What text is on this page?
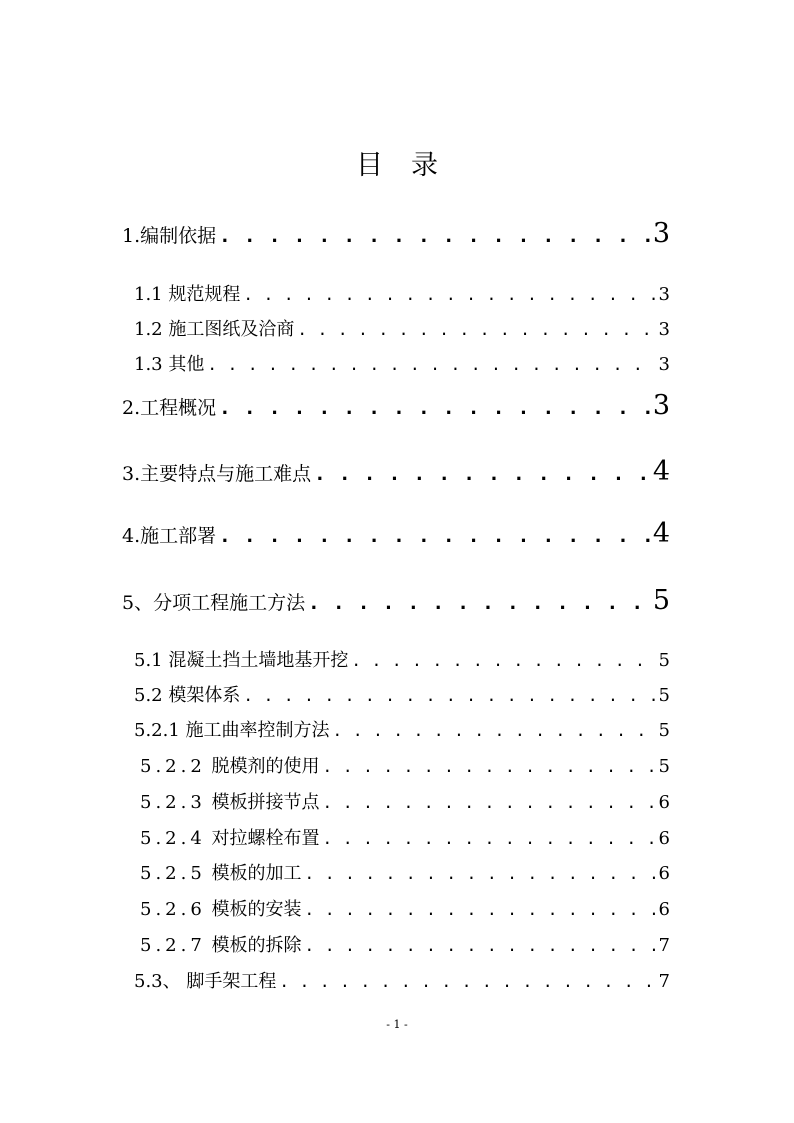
目录
1. 编制依据 . . .	3
1.1 规范规程 . . .	3
1.2 施工图纸及洽商 . . .	3
1.3 其他 . . .	3
2. 工程概况 . . .	3
3. 主要特点与施工难点 . . .	4
4. 施工部署 . . .	4
5、 分项工程施工方法 . . .	5
5.1 混凝土挡土墙地基开挖 . . .	5
5.2 模架体系 . . .	5
5.2.1 施工曲率控制方法 . . .	5
5.2.2 脱模剂的使用 . . .	5
5.2.3 模板拼接节点 . . .	6
5.2.4 对拉螺栓布置 . . .	6
5.2.5 模板的加工 . . .	6
5.2.6 模板的安装 . . .	6
5.2.7 模板的拆除 . . .	7
5.3、 脚手架工程 . . .	7
- 1 -
